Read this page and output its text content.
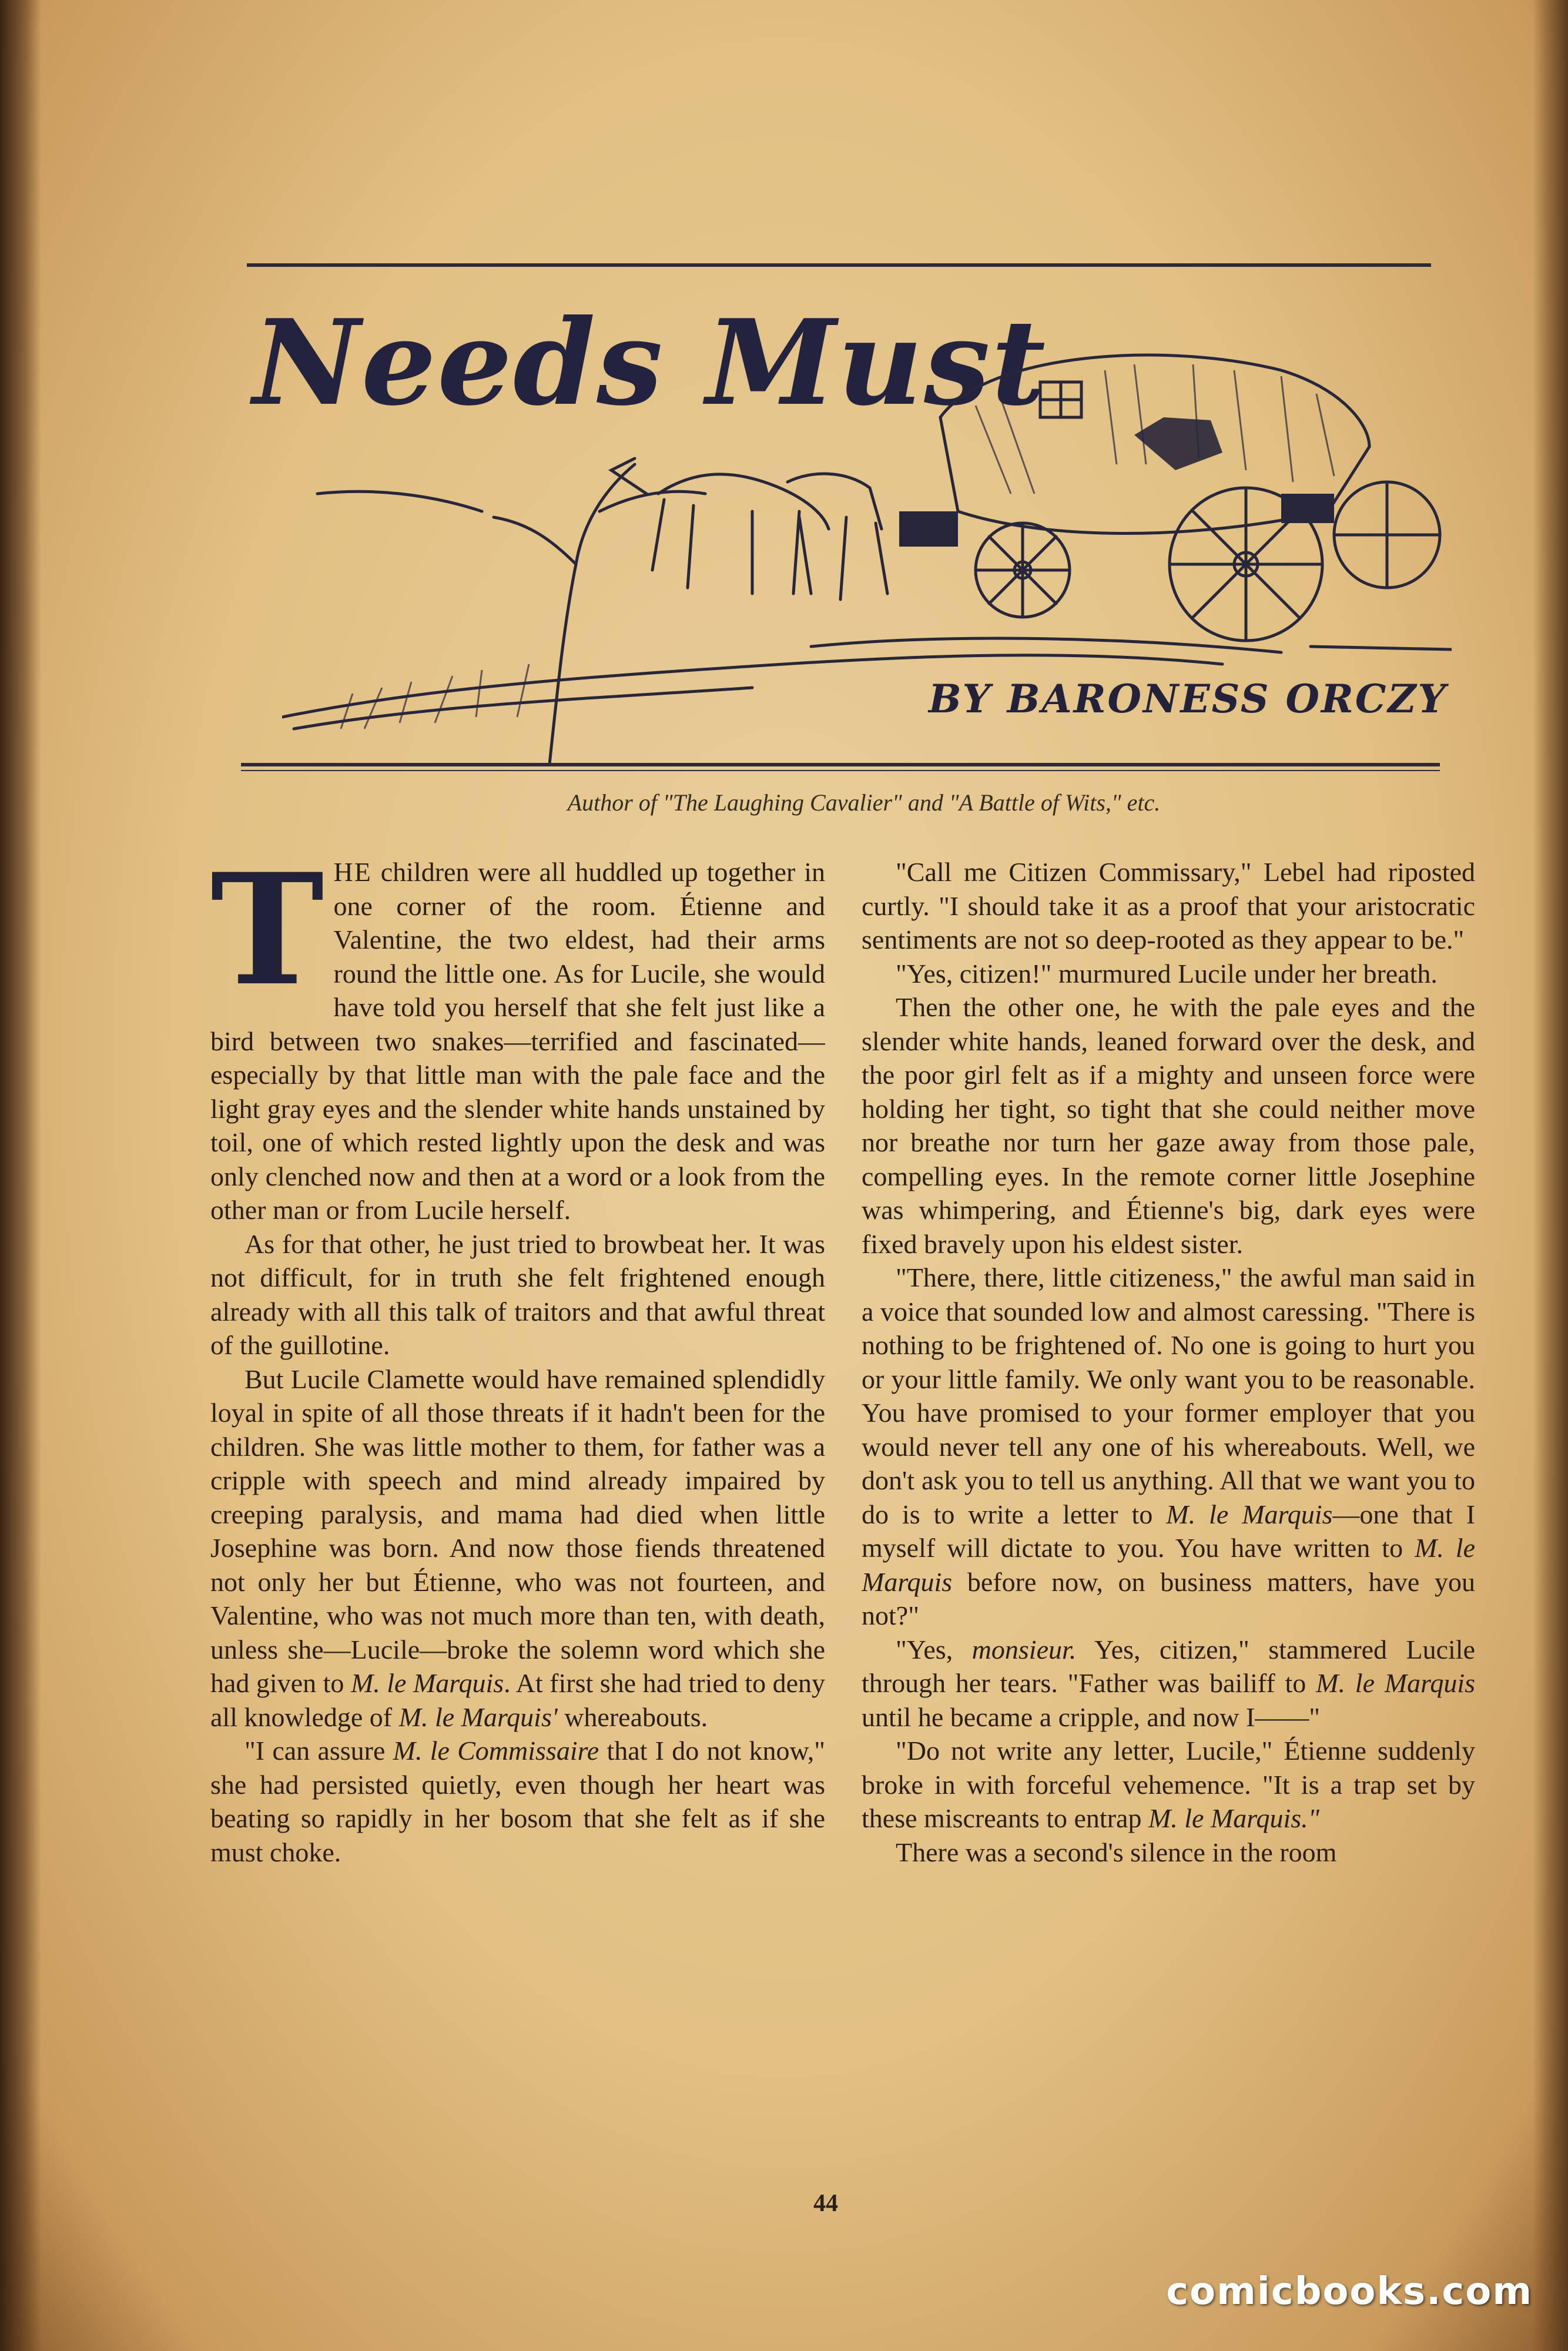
Needs Must
BY BARONESS ORCZY
Author of "The Laughing Cavalier" and "A Battle of Wits," etc.

THE children were all huddled up together in one corner of the room. Étienne and Valentine, the two eldest, had their arms round the little one. As for Lucile, she would have told you herself that she felt just like a bird between two snakes—terrified and fascinated—especially by that little man with the pale face and the light gray eyes and the slender white hands unstained by toil, one of which rested lightly upon the desk and was only clenched now and then at a word or a look from the other man or from Lucile herself.

As for that other, he just tried to browbeat her. It was not difficult, for in truth she felt frightened enough already with all this talk of traitors and that awful threat of the guillotine.

But Lucile Clamette would have remained splendidly loyal in spite of all those threats if it hadn't been for the children. She was little mother to them, for father was a cripple with speech and mind already impaired by creeping paralysis, and mama had died when little Josephine was born. And now those fiends threatened not only her but Étienne, who was not fourteen, and Valentine, who was not much more than ten, with death, unless she—Lucile—broke the solemn word which she had given to M. le Marquis. At first she had tried to deny all knowledge of M. le Marquis' whereabouts.

"I can assure M. le Commissaire that I do not know," she had persisted quietly, even though her heart was beating so rapidly in her bosom that she felt as if she must choke.

"Call me Citizen Commissary," Lebel had riposted curtly. "I should take it as a proof that your aristocratic sentiments are not so deep-rooted as they appear to be."

"Yes, citizen!" murmured Lucile under her breath.

Then the other one, he with the pale eyes and the slender white hands, leaned forward over the desk, and the poor girl felt as if a mighty and unseen force were holding her tight, so tight that she could neither move nor breathe nor turn her gaze away from those pale, compelling eyes. In the remote corner little Josephine was whimpering, and Étienne's big, dark eyes were fixed bravely upon his eldest sister.

"There, there, little citizeness," the awful man said in a voice that sounded low and almost caressing. "There is nothing to be frightened of. No one is going to hurt you or your little family. We only want you to be reasonable. You have promised to your former employer that you would never tell any one of his whereabouts. Well, we don't ask you to tell us anything. All that we want you to do is to write a letter to M. le Marquis—one that I myself will dictate to you. You have written to M. le Marquis before now, on business matters, have you not?"

"Yes, monsieur. Yes, citizen," stammered Lucile through her tears. "Father was bailiff to M. le Marquis until he became a cripple, and now I——"

"Do not write any letter, Lucile," Étienne suddenly broke in with forceful vehemence. "It is a trap set by these miscreants to entrap M. le Marquis."

There was a second's silence in the room

44
comicbooks.com
